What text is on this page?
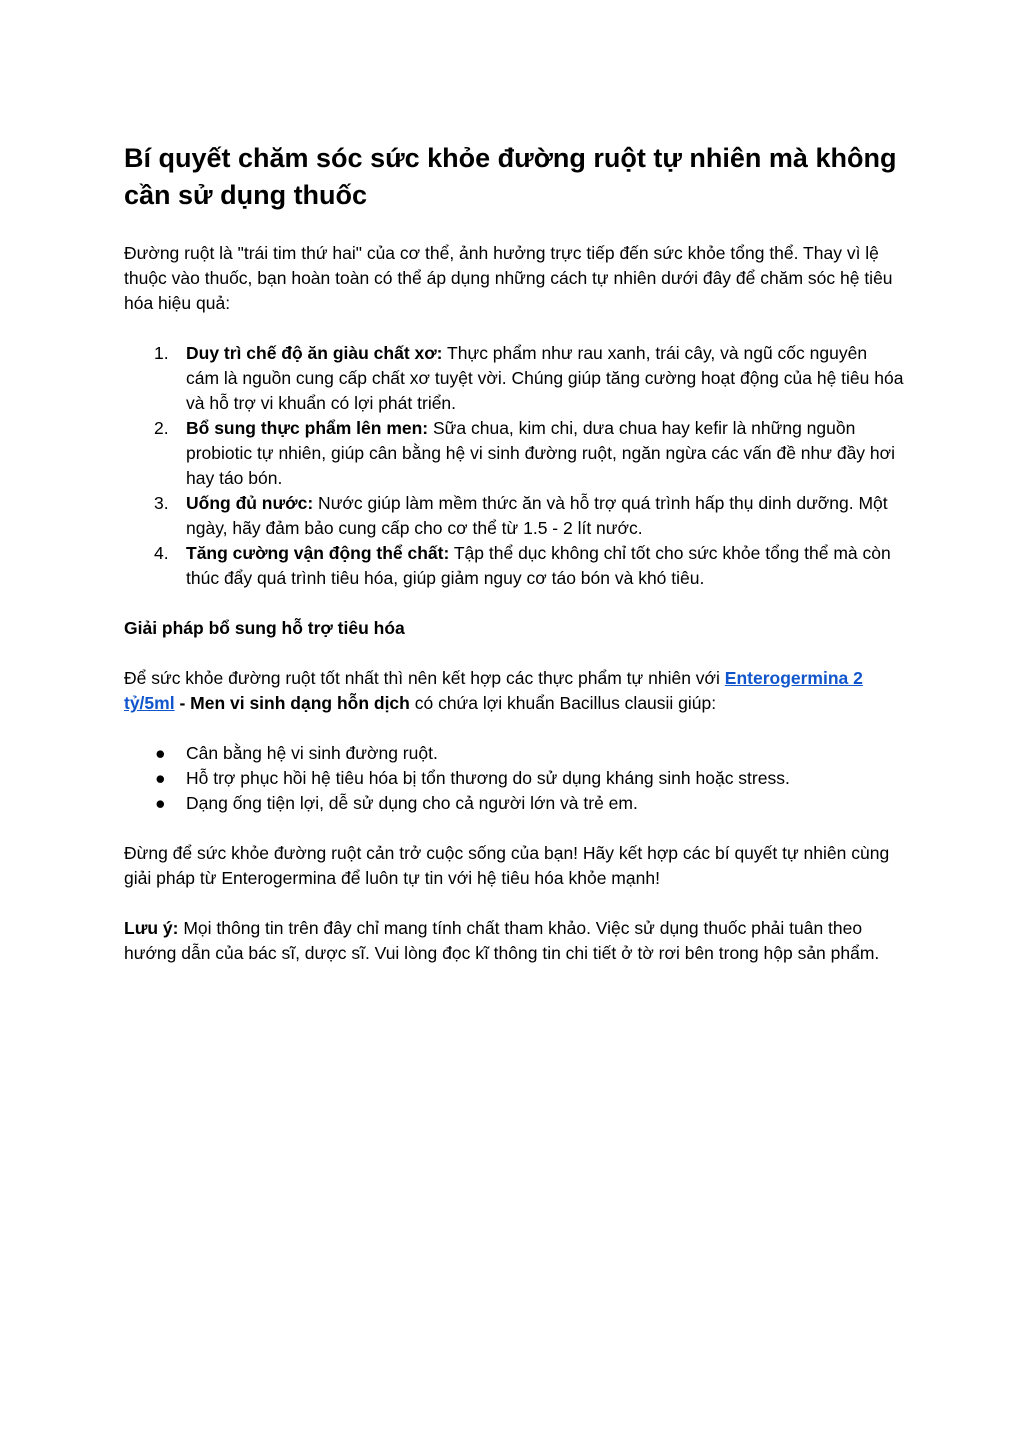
Bí quyết chăm sóc sức khỏe đường ruột tự nhiên mà không cần sử dụng thuốc

Đường ruột là "trái tim thứ hai" của cơ thể, ảnh hưởng trực tiếp đến sức khỏe tổng thể. Thay vì lệ thuộc vào thuốc, bạn hoàn toàn có thể áp dụng những cách tự nhiên dưới đây để chăm sóc hệ tiêu hóa hiệu quả:

1. Duy trì chế độ ăn giàu chất xơ: Thực phẩm như rau xanh, trái cây, và ngũ cốc nguyên cám là nguồn cung cấp chất xơ tuyệt vời. Chúng giúp tăng cường hoạt động của hệ tiêu hóa và hỗ trợ vi khuẩn có lợi phát triển.
2. Bổ sung thực phẩm lên men: Sữa chua, kim chi, dưa chua hay kefir là những nguồn probiotic tự nhiên, giúp cân bằng hệ vi sinh đường ruột, ngăn ngừa các vấn đề như đầy hơi hay táo bón.
3. Uống đủ nước: Nước giúp làm mềm thức ăn và hỗ trợ quá trình hấp thụ dinh dưỡng. Một ngày, hãy đảm bảo cung cấp cho cơ thể từ 1.5 - 2 lít nước.
4. Tăng cường vận động thể chất: Tập thể dục không chỉ tốt cho sức khỏe tổng thể mà còn thúc đẩy quá trình tiêu hóa, giúp giảm nguy cơ táo bón và khó tiêu.
Giải pháp bổ sung hỗ trợ tiêu hóa

Để sức khỏe đường ruột tốt nhất thì nên kết hợp các thực phẩm tự nhiên với Enterogermina 2 tỷ/5ml - Men vi sinh dạng hỗn dịch có chứa lợi khuẩn Bacillus clausii giúp:

● Cân bằng hệ vi sinh đường ruột.
● Hỗ trợ phục hồi hệ tiêu hóa bị tổn thương do sử dụng kháng sinh hoặc stress.
● Dạng ống tiện lợi, dễ sử dụng cho cả người lớn và trẻ em.

Đừng để sức khỏe đường ruột cản trở cuộc sống của bạn! Hãy kết hợp các bí quyết tự nhiên cùng giải pháp từ Enterogermina để luôn tự tin với hệ tiêu hóa khỏe mạnh!

Lưu ý: Mọi thông tin trên đây chỉ mang tính chất tham khảo. Việc sử dụng thuốc phải tuân theo hướng dẫn của bác sĩ, dược sĩ. Vui lòng đọc kĩ thông tin chi tiết ở tờ rơi bên trong hộp sản phẩm.
